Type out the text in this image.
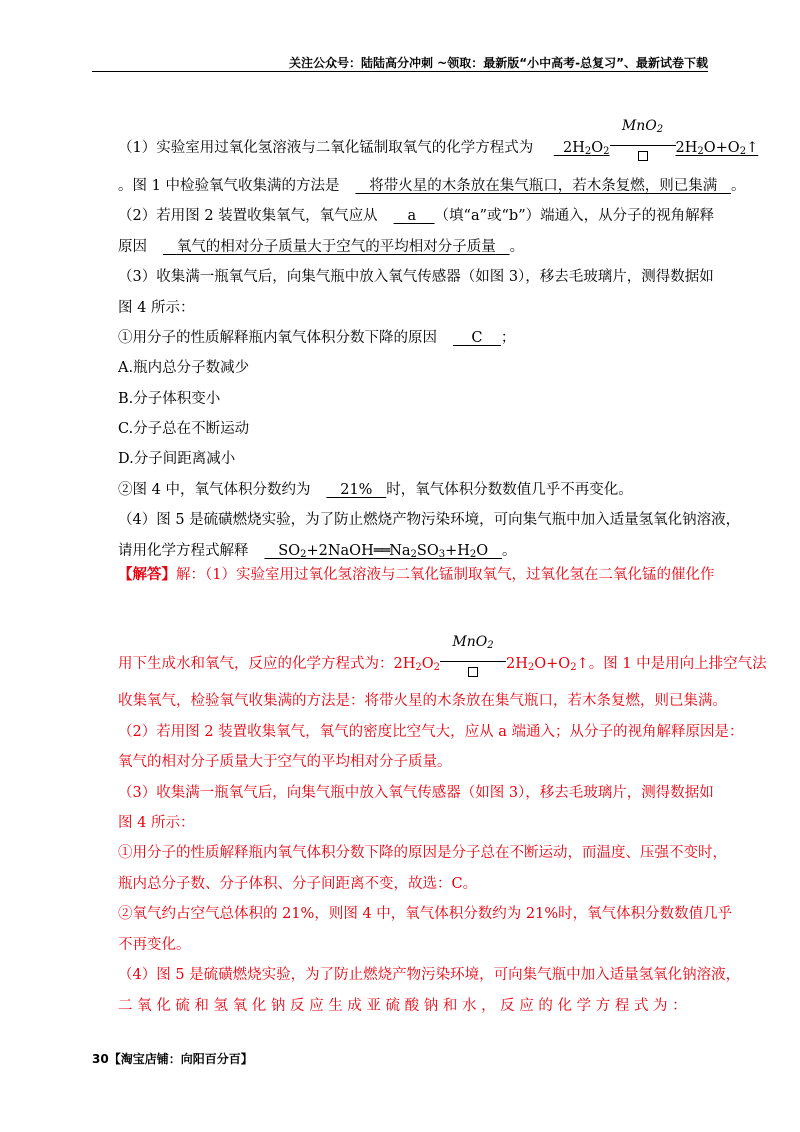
关注公众号：陆陆高分冲刺 ~领取：最新版“小中高考-总复习”、最新试卷下载
（1）实验室用过氧化氢溶液与二氧化锰制取氧气的化学方程式为   $2H_2O_2$
MnO$_2$
$2H_2O+O_2↑$
。图 1 中检验氧气收集满的方法是 将带火星的木条放在集气瓶口，若木条复燃，则已集满 。
（2）若用图 2 装置收集氧气，氧气应从 a （填“a”或“b”）端通入，从分子的视角解释
原因 氧气的相对分子质量大于空气的平均相对分子质量 。
（3）收集满一瓶氧气后，向集气瓶中放入氧气传感器（如图 3），移去毛玻璃片，测得数据如
图 4 所示：
①用分子的性质解释瓶内氧气体积分数下降的原因 C ；
A.瓶内总分子数减少
B.分子体积变小
C.分子总在不断运动
D.分子间距离减小
②图 4 中，氧气体积分数约为 21% 时，氧气体积分数数值几乎不再变化。
（4）图 5 是硫磺燃烧实验，为了防止燃烧产物污染环境，可向集气瓶中加入适量氢氧化钠溶液，
请用化学方程式解释   $SO_2+2NaOH══Na_2SO_3+H_2O$   。
【解答】解：（1）实验室用过氧化氢溶液与二氧化锰制取氧气，过氧化氢在二氧化锰的催化作
用下生成水和氧气，反应的化学方程式为：$2H_2O_2$
MnO$_2$
$2H_2O+O_2↑$。图 1 中是用向上排空气法
收集氧气，检验氧气收集满的方法是：将带火星的木条放在集气瓶口，若木条复燃，则已集满。
（2）若用图 2 装置收集氧气，氧气的密度比空气大，应从 a 端通入；从分子的视角解释原因是：
氧气的相对分子质量大于空气的平均相对分子质量。
（3）收集满一瓶氧气后，向集气瓶中放入氧气传感器（如图 3），移去毛玻璃片，测得数据如
图 4 所示：
①用分子的性质解释瓶内氧气体积分数下降的原因是分子总在不断运动，而温度、压强不变时，
瓶内总分子数、分子体积、分子间距离不变，故选：C。
②氧气约占空气总体积的 21%，则图 4 中，氧气体积分数约为 21%时，氧气体积分数数值几乎
不再变化。
（4）图 5 是硫磺燃烧实验，为了防止燃烧产物污染环境，可向集气瓶中加入适量氢氧化钠溶液，
二 氧 化 硫 和 氢 氧 化 钠 反 应 生 成 亚 硫 酸 钠 和 水 ， 反 应 的 化 学 方 程 式 为 ：
30【淘宝店铺：向阳百分百】
